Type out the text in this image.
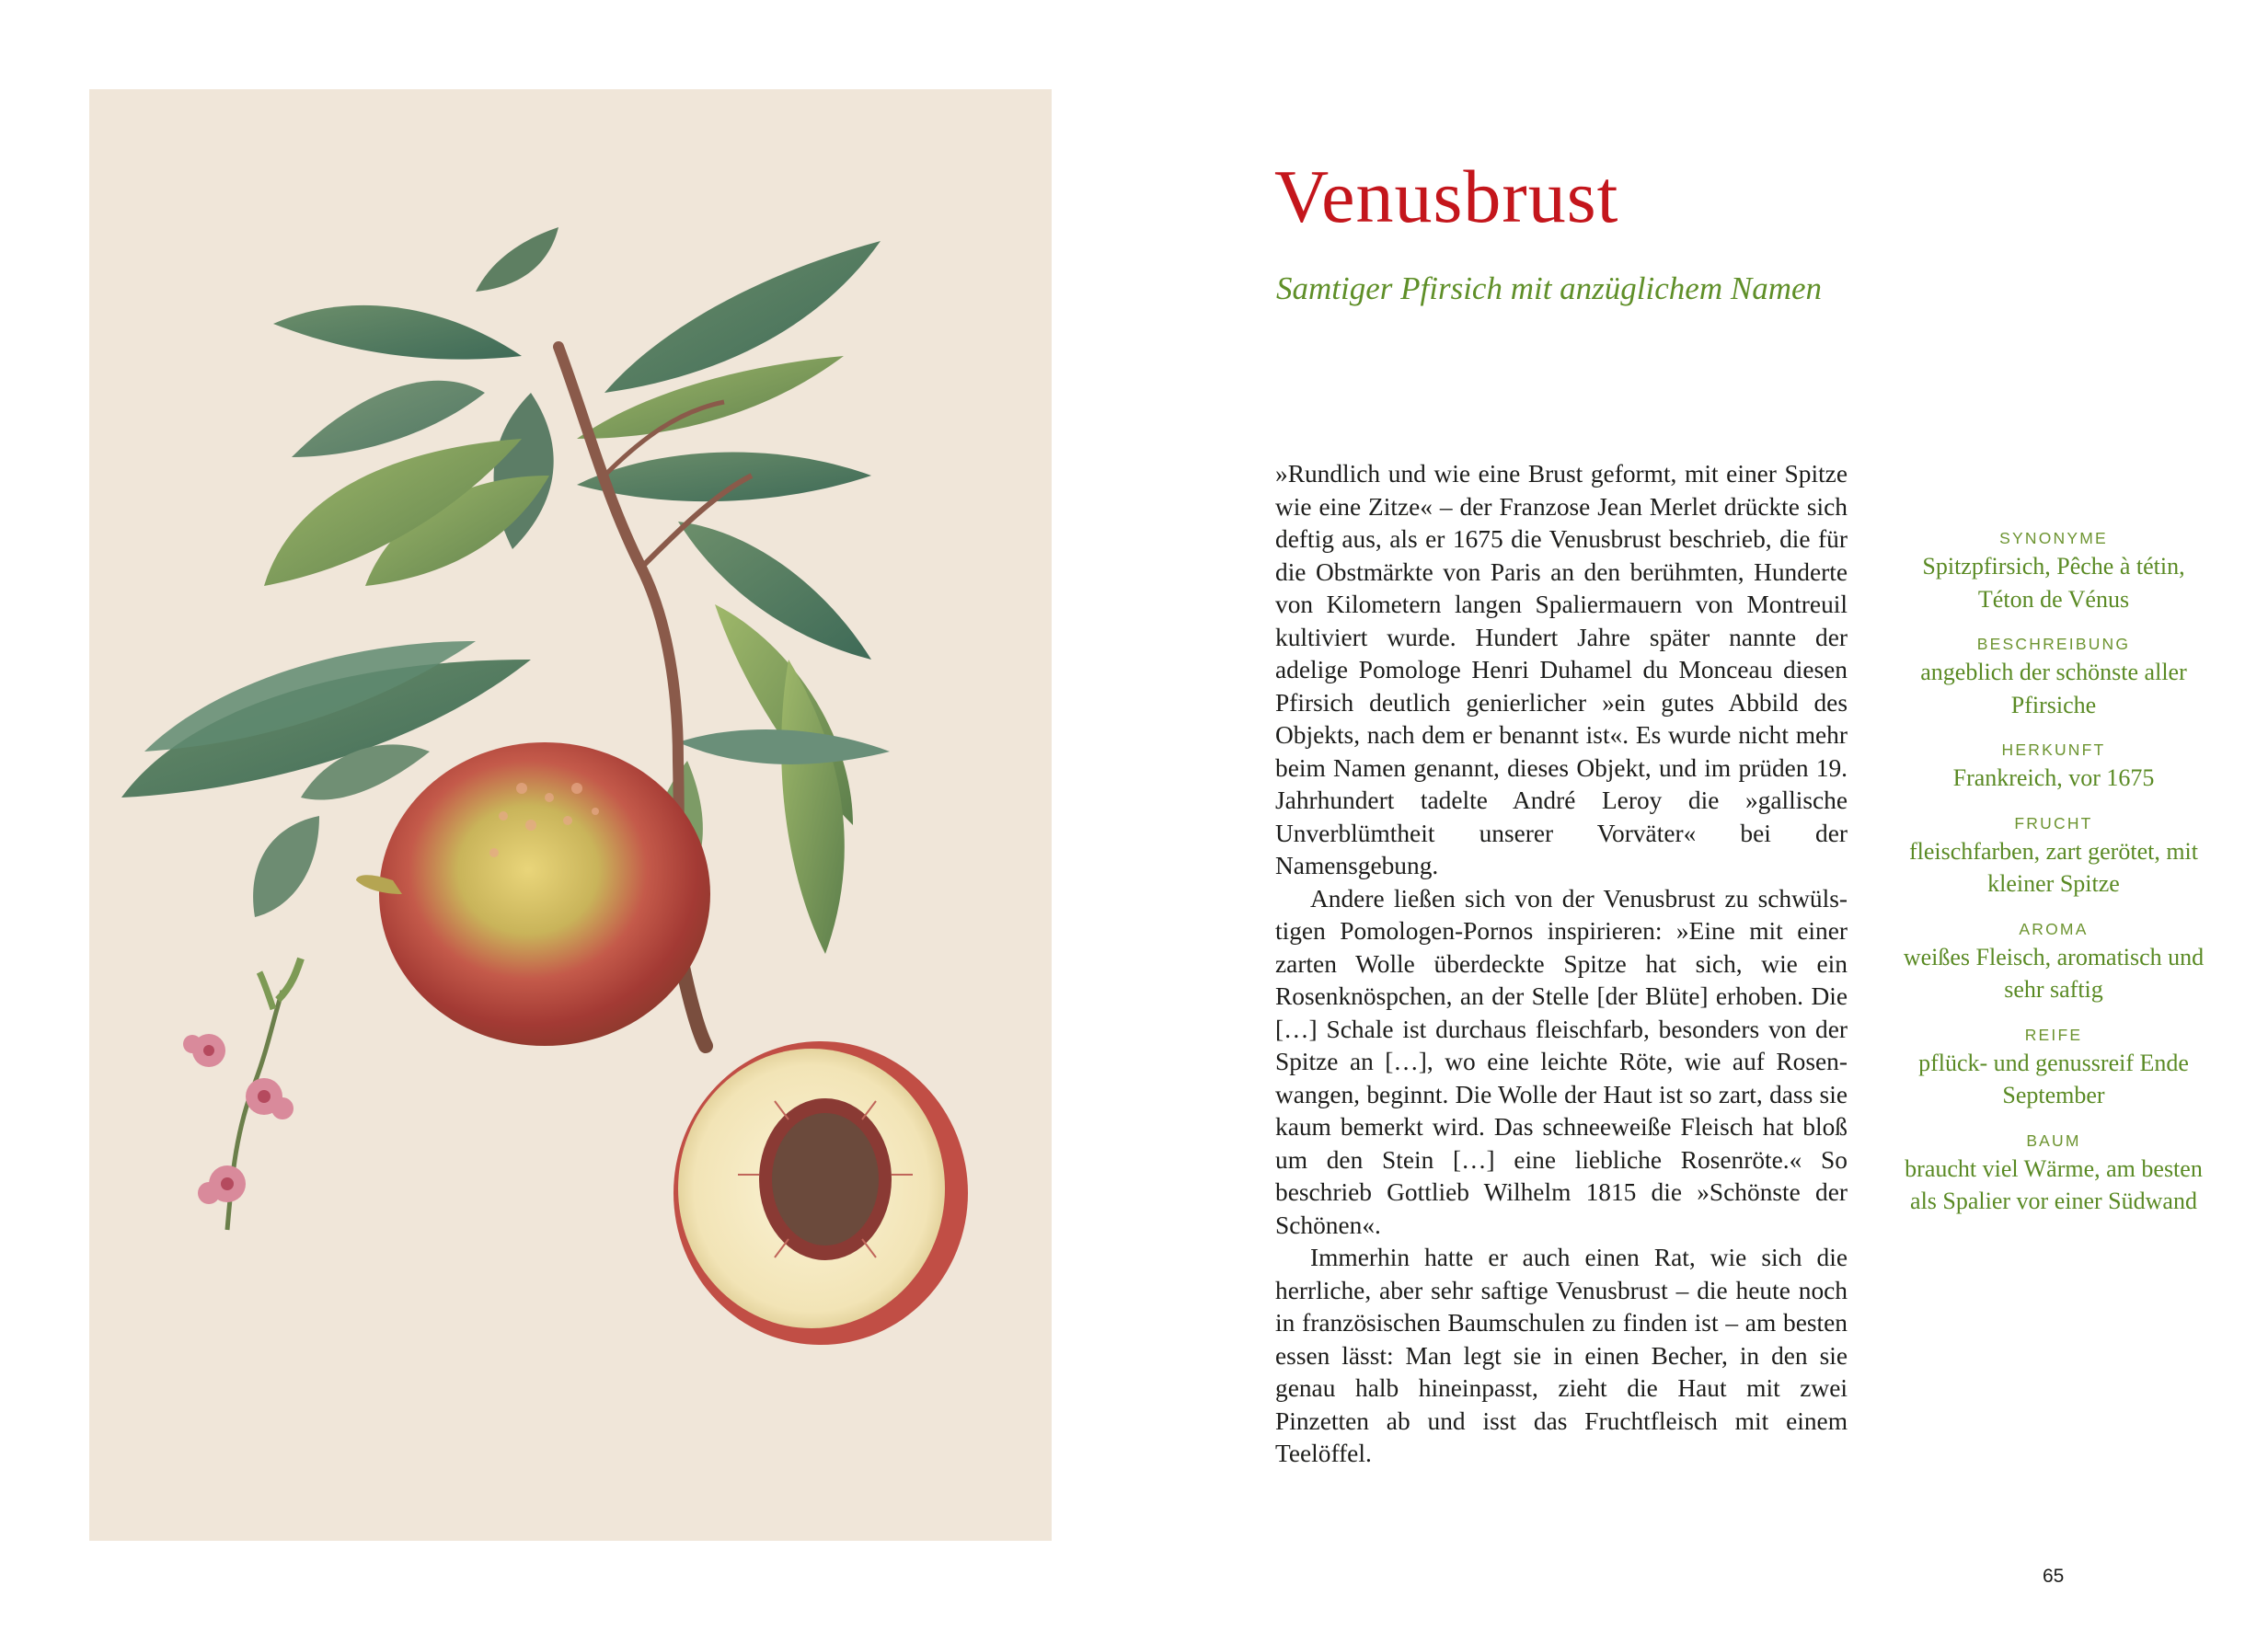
Venusbrust
Samtiger Pfirsich mit anzüglichem Namen

»Rundlich und wie eine Brust geformt, mit einer Spitze wie eine Zitze« – der Franzose Jean Merlet drückte sich deftig aus, als er 1675 die Venusbrust beschrieb, die für die Obstmärkte von Paris an den berühmten, Hunderte von Kilometern langen Spaliermauern von Montreuil kultiviert wurde. Hundert Jahre später nannte der adelige Pomologe Henri Duhamel du Monceau diesen Pfirsich deutlich genierlicher »ein gutes Abbild des Objekts, nach dem er benannt ist«. Es wurde nicht mehr beim Namen genannt, dieses Objekt, und im prüden 19. Jahrhundert tadelte André Leroy die »gallische Unverblümtheit unserer Vorväter« bei der Namensgebung.

Andere ließen sich von der Venusbrust zu schwülstigen Pomologen-Pornos inspirieren: »Eine mit einer zarten Wolle überdeckte Spitze hat sich, wie ein Rosenknöspchen, an der Stelle [der Blüte] erhoben. Die […] Schale ist durchaus fleischfarb, besonders von der Spitze an […], wo eine leichte Röte, wie auf Rosenwangen, beginnt. Die Wolle der Haut ist so zart, dass sie kaum bemerkt wird. Das schneeweiße Fleisch hat bloß um den Stein […] eine liebliche Rosenröte.« So beschrieb Gottlieb Wilhelm 1815 die »Schönste der Schönen«.

Immerhin hatte er auch einen Rat, wie sich die herrliche, aber sehr saftige Venusbrust – die heute noch in französischen Baumschulen zu finden ist – am besten essen lässt: Man legt sie in einen Becher, in den sie genau halb hineinpasst, zieht die Haut mit zwei Pinzetten ab und isst das Fruchtfleisch mit einem Teelöffel.

SYNONYME
Spitzpfirsich, Pêche à tétin, Téton de Vénus
BESCHREIBUNG
angeblich der schönste aller Pfirsiche
HERKUNFT
Frankreich, vor 1675
FRUCHT
fleischfarben, zart gerötet, mit kleiner Spitze
AROMA
weißes Fleisch, aromatisch und sehr saftig
REIFE
pflück- und genussreif Ende September
BAUM
braucht viel Wärme, am besten als Spalier vor einer Südwand
65
